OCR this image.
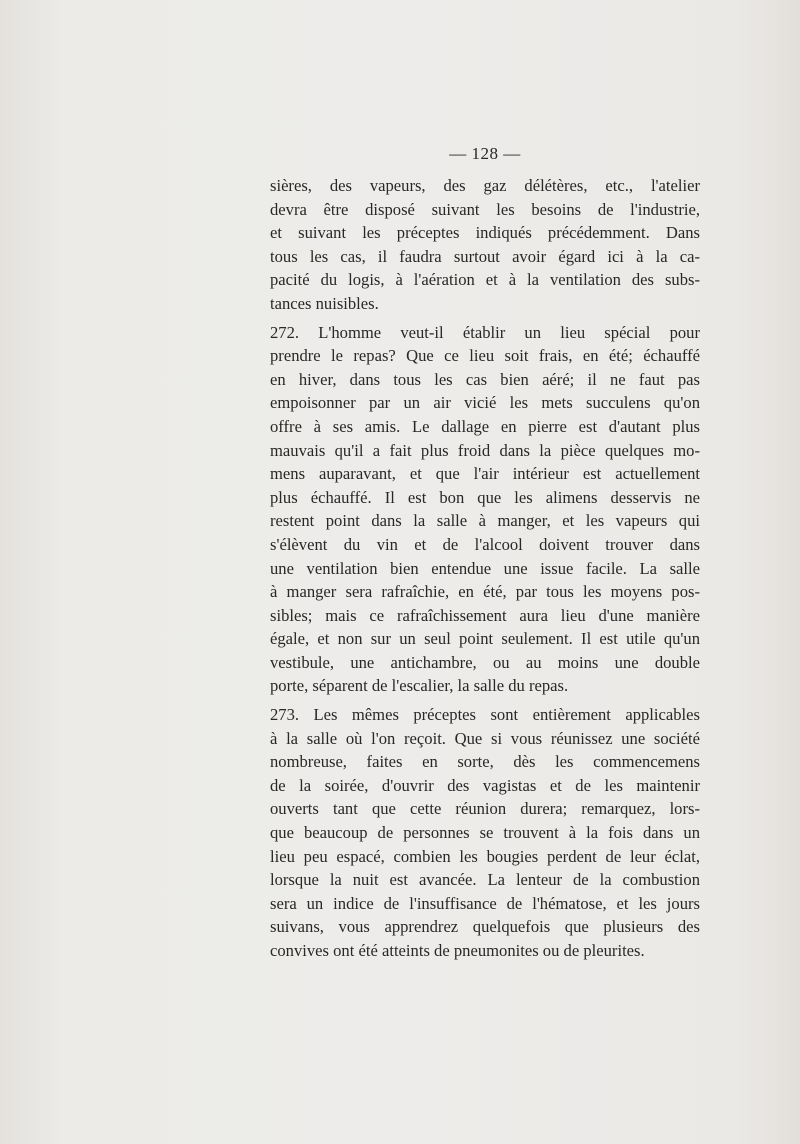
— 128 —
sières, des vapeurs, des gaz délétères, etc., l'atelier
devra être disposé suivant les besoins de l'industrie,
et suivant les préceptes indiqués précédemment. Dans
tous les cas, il faudra surtout avoir égard ici à la ca-
pacité du logis, à l'aération et à la ventilation des subs-
tances nuisibles.
272. L'homme veut-il établir un lieu spécial pour
prendre le repas? Que ce lieu soit frais, en été; échauffé
en hiver, dans tous les cas bien aéré; il ne faut pas
empoisonner par un air vicié les mets succulens qu'on
offre à ses amis. Le dallage en pierre est d'autant plus
mauvais qu'il a fait plus froid dans la pièce quelques mo-
mens auparavant, et que l'air intérieur est actuellement
plus échauffé. Il est bon que les alimens desservis ne
restent point dans la salle à manger, et les vapeurs qui
s'élèvent du vin et de l'alcool doivent trouver dans
une ventilation bien entendue une issue facile. La salle
à manger sera rafraîchie, en été, par tous les moyens pos-
sibles; mais ce rafraîchissement aura lieu d'une manière
égale, et non sur un seul point seulement. Il est utile qu'un
vestibule, une antichambre, ou au moins une double
porte, séparent de l'escalier, la salle du repas.
273. Les mêmes préceptes sont entièrement applicables
à la salle où l'on reçoit. Que si vous réunissez une société
nombreuse, faites en sorte, dès les commencemens
de la soirée, d'ouvrir des vagistas et de les maintenir
ouverts tant que cette réunion durera; remarquez, lors-
que beaucoup de personnes se trouvent à la fois dans un
lieu peu espacé, combien les bougies perdent de leur éclat,
lorsque la nuit est avancée. La lenteur de la combustion
sera un indice de l'insuffisance de l'hématose, et les jours
suivans, vous apprendrez quelquefois que plusieurs des
convives ont été atteints de pneumonites ou de pleurites.
